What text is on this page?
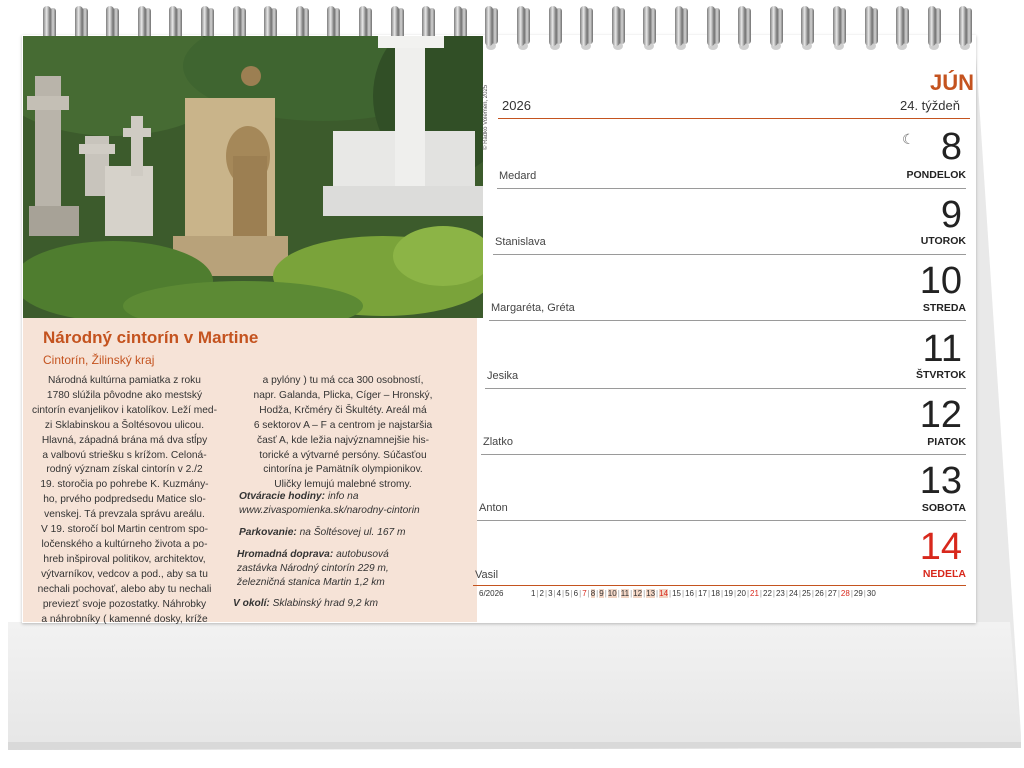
© Radko Volemen, 2025
Národný cintorín v Martine
Cintorín, Žilinský kraj
Národná kultúrna pamiatka z roku
1780 slúžila pôvodne ako mestský
cintorín evanjelikov i katolíkov. Leží med-
zi Sklabinskou a Šoltésovou ulicou.
Hlavná, západná brána má dva stĺpy
a valbovú striešku s krížom. Celoná-
rodný význam získal cintorín v 2./2
19. storočia po pohrebe K. Kuzmány-
ho, prvého podpredsedu Matice slo-
venskej. Tá prevzala správu areálu.
V 19. storočí bol Martin centrom spo-
ločenského a kultúrneho života a po-
hreb inšpiroval politikov, architektov,
výtvarníkov, vedcov a pod., aby sa tu
nechali pochovať, alebo aby tu nechali
previezť svoje pozostatky. Náhrobky
a náhrobníky ( kamenné dosky, kríže
a pylóny ) tu má cca 300 osobností,
napr. Galanda, Plicka, Cíger – Hronský,
Hodža, Krčméry či Škultéty. Areál má
6 sektorov A – F a centrom je najstaršia
časť A, kde ležia najvýznamnejšie his-
torické a výtvarné persóny. Súčasťou
cintorína je Pamätník olympionikov.
Uličky lemujú malebné stromy.
Otváracie hodiny: info na
www.zivaspomienka.sk/narodny-cintorin
Parkovanie: na Šoltésovej ul. 167 m
Hromadná doprava: autobusová
zastávka Národný cintorín 229 m,
železničná stanica Martin 1,2 km
V okolí: Sklabinský hrad 9,2 km
JÚN
2026	24. týždeň
☾
Medard
8
PONDELOK
Stanislava
9
UTOROK
Margaréta, Gréta
10
STREDA
Jesika
11
ŠTVRTOK
Zlatko
12
PIATOK
Anton
13
SOBOTA
Vasil
14
NEDEĽA
6/2026	1|2|3|4|5|6|7|8|9|10|11|12|13|14|15|16|17|18|19|20|21|22|23|24|25|26|27|28|29|30
